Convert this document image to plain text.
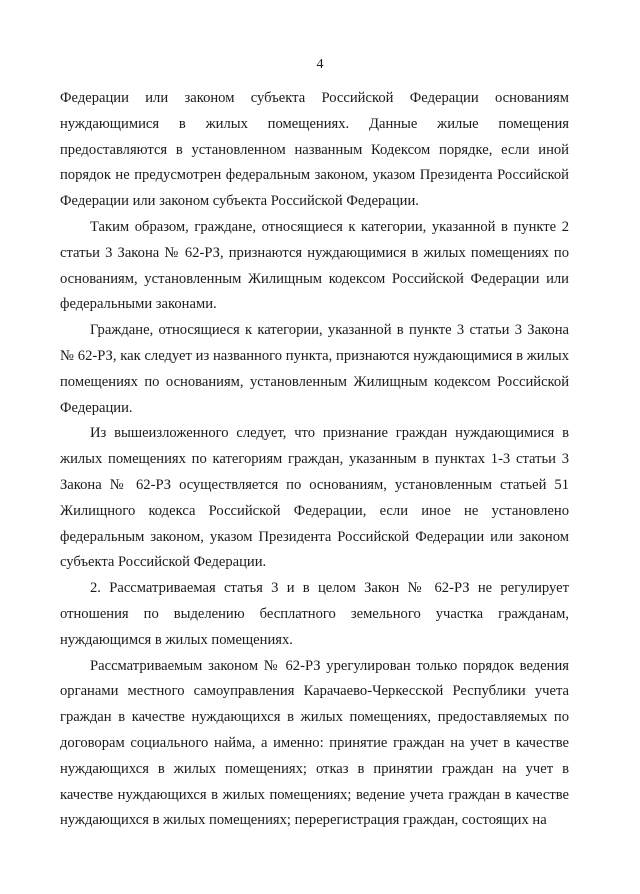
4

Федерации или законом субъекта Российской Федерации основаниям нуждающимися в жилых помещениях. Данные жилые помещения предоставляются в установленном названным Кодексом порядке, если иной порядок не предусмотрен федеральным законом, указом Президента Российской Федерации или законом субъекта Российской Федерации.

Таким образом, граждане, относящиеся к категории, указанной в пункте 2 статьи 3 Закона № 62-РЗ, признаются нуждающимися в жилых помещениях по основаниям, установленным Жилищным кодексом Российской Федерации или федеральными законами.

Граждане, относящиеся к категории, указанной в пункте 3 статьи 3 Закона № 62-РЗ, как следует из названного пункта, признаются нуждающимися в жилых помещениях по основаниям, установленным Жилищным кодексом Российской Федерации.

Из вышеизложенного следует, что признание граждан нуждающимися в жилых помещениях по категориям граждан, указанным в пунктах 1-3 статьи 3 Закона № 62-РЗ осуществляется по основаниям, установленным статьей 51 Жилищного кодекса Российской Федерации, если иное не установлено федеральным законом, указом Президента Российской Федерации или законом субъекта Российской Федерации.

2. Рассматриваемая статья 3 и в целом Закон № 62-РЗ не регулирует отношения по выделению бесплатного земельного участка гражданам, нуждающимся в жилых помещениях.

Рассматриваемым законом № 62-РЗ урегулирован только порядок ведения органами местного самоуправления Карачаево-Черкесской Республики учета граждан в качестве нуждающихся в жилых помещениях, предоставляемых по договорам социального найма, а именно: принятие граждан на учет в качестве нуждающихся в жилых помещениях; отказ в принятии граждан на учет в качестве нуждающихся в жилых помещениях; ведение учета граждан в качестве нуждающихся в жилых помещениях; перерегистрация граждан, состоящих на
